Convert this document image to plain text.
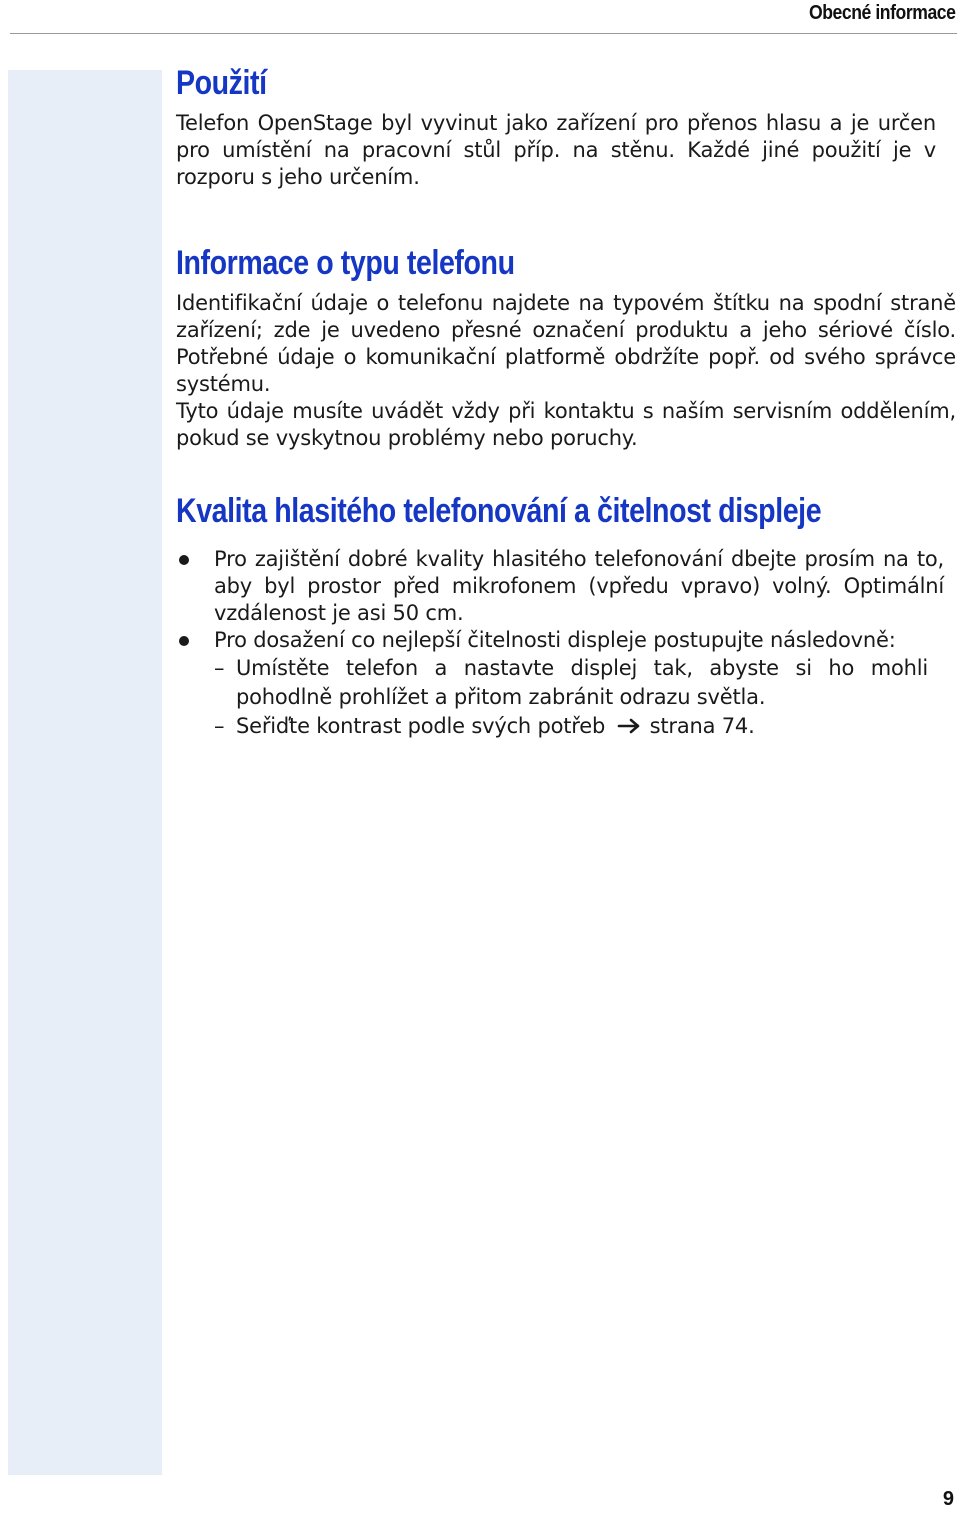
Obecné informace
Použití

Telefon OpenStage byl vyvinut jako zařízení pro přenos hlasu a je určen pro umístění na pracovní stůl příp. na stěnu. Každé jiné použití je v rozporu s jeho určením.

Informace o typu telefonu

Identifikační údaje o telefonu najdete na typovém štítku na spodní straně zařízení; zde je uvedeno přesné označení produktu a jeho sériové číslo. Potřebné údaje o komunikační platformě obdržíte popř. od svého správce systému.

Tyto údaje musíte uvádět vždy při kontaktu s naším servisním oddělením, pokud se vyskytnou problémy nebo poruchy.

Kvalita hlasitého telefonování a čitelnost displeje
Pro zajištění dobré kvality hlasitého telefonování dbejte prosím na to, aby byl prostor před mikrofonem (vpředu vpravo) volný. Optimální vzdálenost je asi 50 cm.
Pro dosažení co nejlepší čitelnosti displeje postupujte následovně:
– Umístěte telefon a nastavte displej tak, abyste si ho mohli pohodlně prohlížet a přitom zabránit odrazu světla.
– Seřiďte kontrast podle svých potřeb strana 74.
9
